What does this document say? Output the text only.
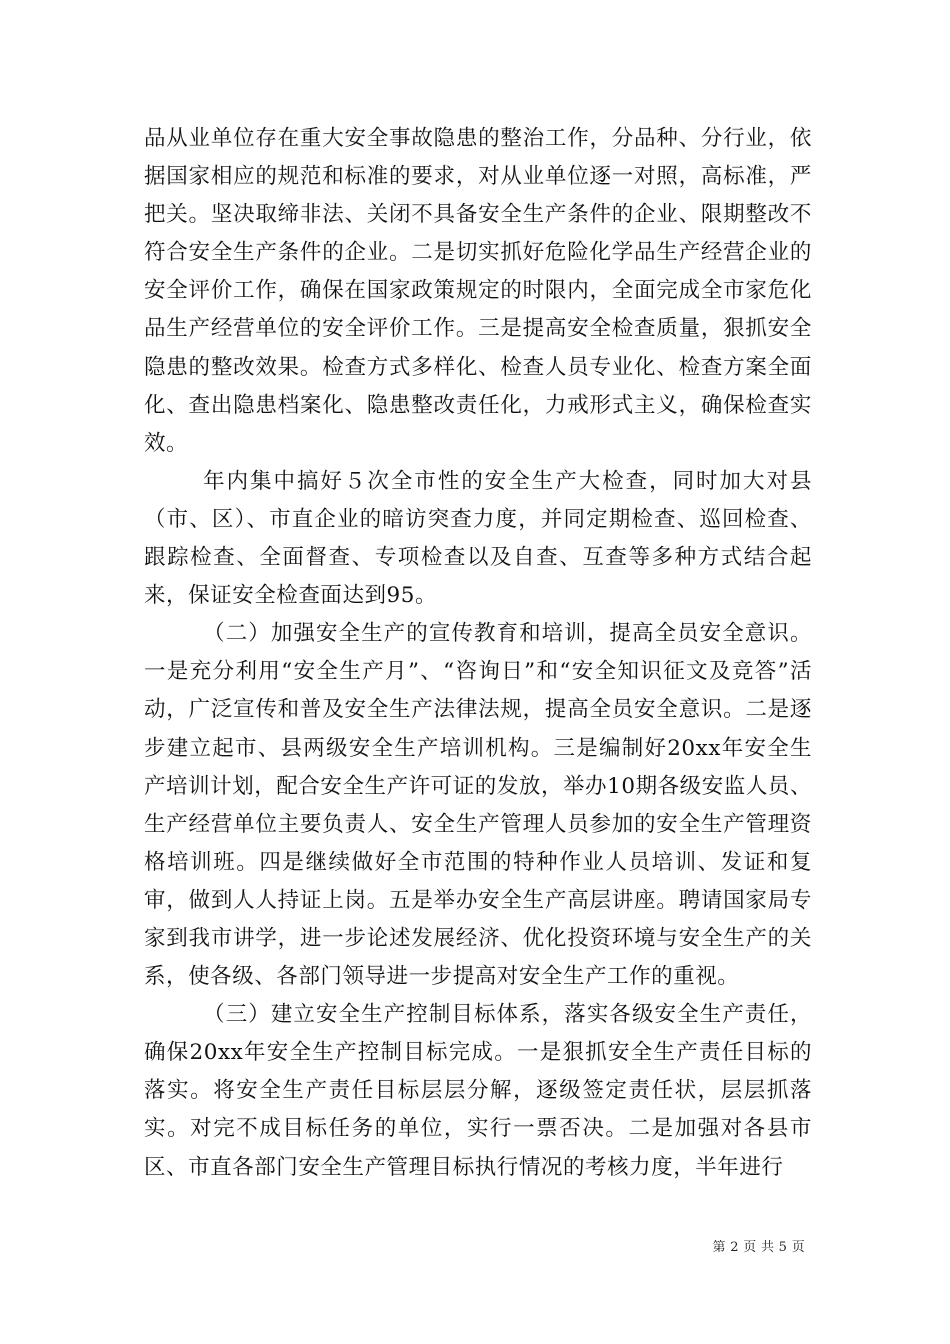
品从业单位存在重大安全事故隐患的整治工作，分品种、分行业，依据国家相应的规范和标准的要求，对从业单位逐一对照，高标准，严把关。坚决取缔非法、关闭不具备安全生产条件的企业、限期整改不符合安全生产条件的企业。二是切实抓好危险化学品生产经营企业的安全评价工作，确保在国家政策规定的时限内，全面完成全市家危化品生产经营单位的安全评价工作。三是提高安全检查质量，狠抓安全隐患的整改效果。检查方式多样化、检查人员专业化、检查方案全面化、查出隐患档案化、隐患整改责任化，力戒形式主义，确保检查实效。

年内集中搞好５次全市性的安全生产大检查，同时加大对县（市、区）、市直企业的暗访突查力度，并同定期检查、巡回检查、跟踪检查、全面督查、专项检查以及自查、互查等多种方式结合起来，保证安全检查面达到95。

（二）加强安全生产的宣传教育和培训，提高全员安全意识。一是充分利用“安全生产月”、“咨询日”和“安全知识征文及竞答”活动，广泛宣传和普及安全生产法律法规，提高全员安全意识。二是逐步建立起市、县两级安全生产培训机构。三是编制好20xx年安全生产培训计划，配合安全生产许可证的发放，举办10期各级安监人员、生产经营单位主要负责人、安全生产管理人员参加的安全生产管理资格培训班。四是继续做好全市范围的特种作业人员培训、发证和复审，做到人人持证上岗。五是举办安全生产高层讲座。聘请国家局专家到我市讲学，进一步论述发展经济、优化投资环境与安全生产的关系，使各级、各部门领导进一步提高对安全生产工作的重视。

（三）建立安全生产控制目标体系，落实各级安全生产责任，确保20xx年安全生产控制目标完成。一是狠抓安全生产责任目标的落实。将安全生产责任目标层层分解，逐级签定责任状，层层抓落实。对完不成目标任务的单位，实行一票否决。二是加强对各县市区、市直各部门安全生产管理目标执行情况的考核力度，半年进行

第 2 页 共 5 页
